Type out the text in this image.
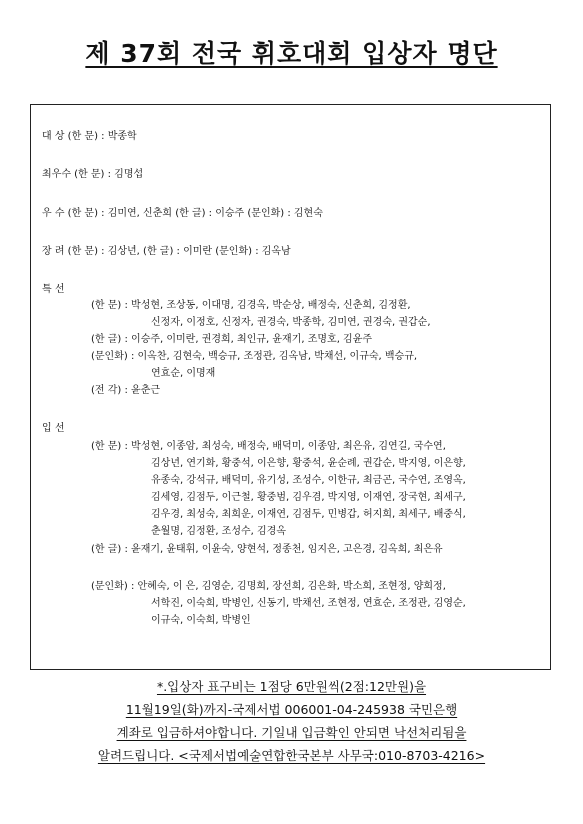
제 37회 전국 휘호대회 입상자 명단
대 상 (한 문) : 박종학
최우수 (한 문) : 김명섭
우 수 (한 문) : 김미연, 신춘희 (한 글) : 이승주 (문인화) : 김현숙
장 려 (한 문) : 김상년, (한 글) : 이미란 (문인화) : 김옥남
특 선
(한 문) : 박성현, 조상동, 이대명, 김경옥, 박순상, 배정숙, 신춘희, 김정환,
신정자, 이정호, 신정자, 권경숙, 박종학, 김미연, 권경숙, 권갑순,
(한 글) : 이승주, 이미란, 권경희, 최인규, 윤재기, 조명호, 김윤주
(문인화) : 이옥찬, 김현숙, 백승규, 조정관, 김옥남, 박채선, 이규숙, 백승규,
연효순, 이명재
(전 각) : 윤춘근
입 선
(한 문) : 박성현, 이종암, 최성숙, 배정숙, 배덕미, 이종암, 최은유, 김연길, 국수연,
김상년, 연기화, 황중석, 이은향, 황중석, 윤순례, 권갑순, 박지영, 이은향,
유종숙, 강석규, 배덕미, 유기성, 조성수, 이한규, 최금곤, 국수연, 조영옥,
김세영, 김점두, 이근철, 황중범, 김우겸, 박지영, 이재연, 장국현, 최세구,
김우경, 최성숙, 최희운, 이재연, 김점두, 민병갑, 허지희, 최세구, 배중식,
춘월명, 김정환, 조성수, 김경옥
(한 글) : 윤재기, 윤태휘, 이윤숙, 양현석, 정종천, 임지은, 고은경, 김옥희, 최은유
(문인화) : 안혜숙, 이 은, 김영순, 김명희, 장선희, 김은화, 박소희, 조현정, 양희정,
서학진, 이숙희, 박병인, 신동기, 박채선, 조현정, 연효순, 조정관, 김영순,
이규숙, 이숙희, 박병인
*.입상자 표구비는 1점당 6만원씩(2점:12만원)을
11월19일(화)까지-국제서법 006001-04-245938 국민은행
계좌로 입금하셔야합니다. 기일내 입금확인 안되면 낙선처리됨을
알려드립니다. <국제서법예술연합한국본부 사무국:010-8703-4216>
